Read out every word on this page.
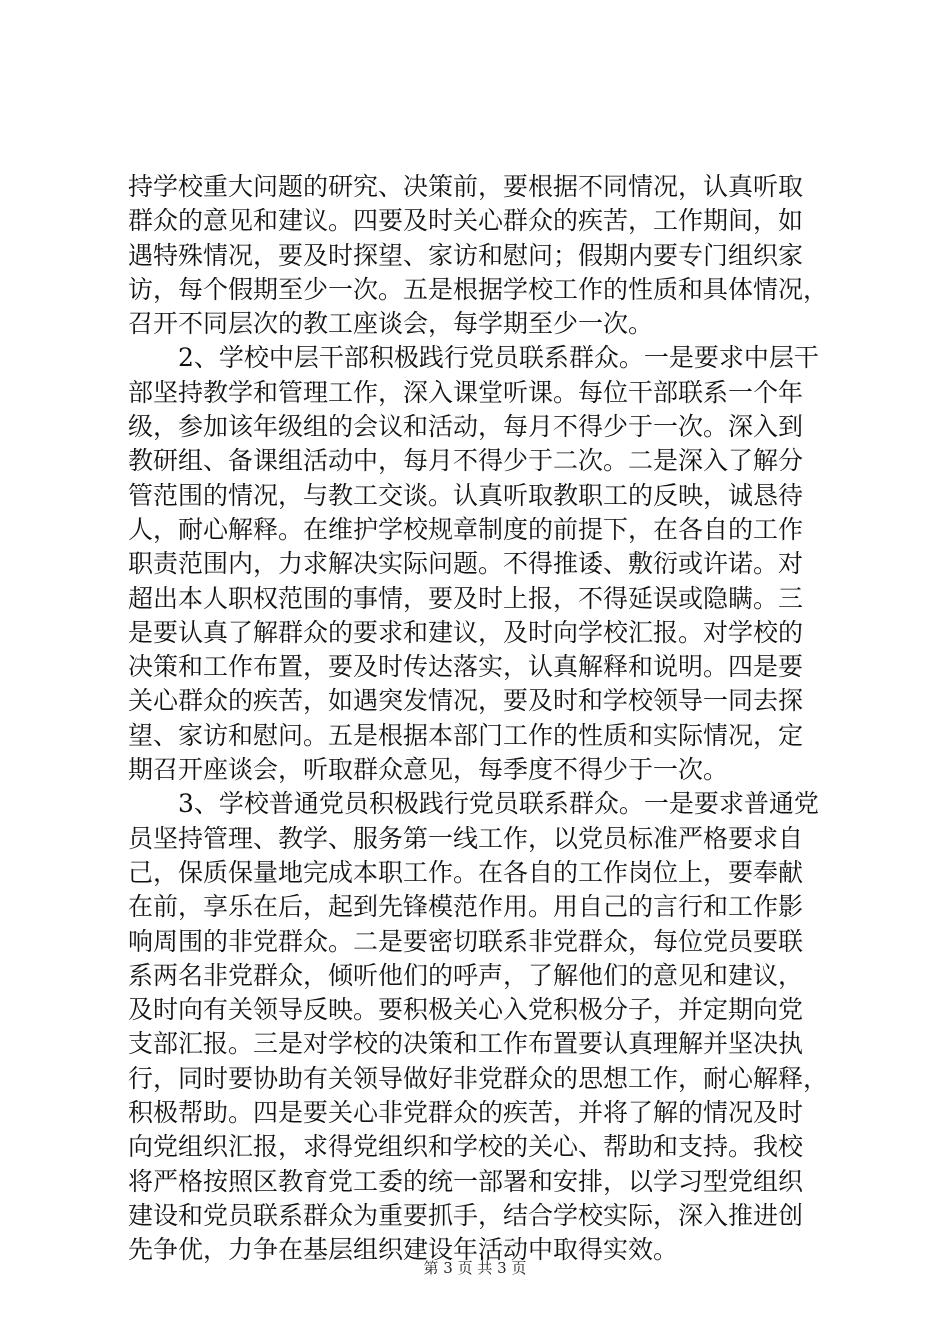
持学校重大问题的研究、决策前，要根据不同情况，认真听取
群众的意见和建议。四要及时关心群众的疾苦，工作期间，如
遇特殊情况，要及时探望、家访和慰问；假期内要专门组织家
访，每个假期至少一次。五是根据学校工作的性质和具体情况，
召开不同层次的教工座谈会，每学期至少一次。
2、学校中层干部积极践行党员联系群众。一是要求中层干
部坚持教学和管理工作，深入课堂听课。每位干部联系一个年
级，参加该年级组的会议和活动，每月不得少于一次。深入到
教研组、备课组活动中，每月不得少于二次。二是深入了解分
管范围的情况，与教工交谈。认真听取教职工的反映，诚恳待
人，耐心解释。在维护学校规章制度的前提下，在各自的工作
职责范围内，力求解决实际问题。不得推诿、敷衍或许诺。对
超出本人职权范围的事情，要及时上报，不得延误或隐瞒。三
是要认真了解群众的要求和建议，及时向学校汇报。对学校的
决策和工作布置，要及时传达落实，认真解释和说明。四是要
关心群众的疾苦，如遇突发情况，要及时和学校领导一同去探
望、家访和慰问。五是根据本部门工作的性质和实际情况，定
期召开座谈会，听取群众意见，每季度不得少于一次。
3、学校普通党员积极践行党员联系群众。一是要求普通党
员坚持管理、教学、服务第一线工作，以党员标准严格要求自
己，保质保量地完成本职工作。在各自的工作岗位上，要奉献
在前，享乐在后，起到先锋模范作用。用自己的言行和工作影
响周围的非党群众。二是要密切联系非党群众，每位党员要联
系两名非党群众，倾听他们的呼声，了解他们的意见和建议，
及时向有关领导反映。要积极关心入党积极分子，并定期向党
支部汇报。三是对学校的决策和工作布置要认真理解并坚决执
行，同时要协助有关领导做好非党群众的思想工作，耐心解释，
积极帮助。四是要关心非党群众的疾苦，并将了解的情况及时
向党组织汇报，求得党组织和学校的关心、帮助和支持。我校
将严格按照区教育党工委的统一部署和安排，以学习型党组织
建设和党员联系群众为重要抓手，结合学校实际，深入推进创
先争优，力争在基层组织建设年活动中取得实效。
第 3 页 共 3 页
